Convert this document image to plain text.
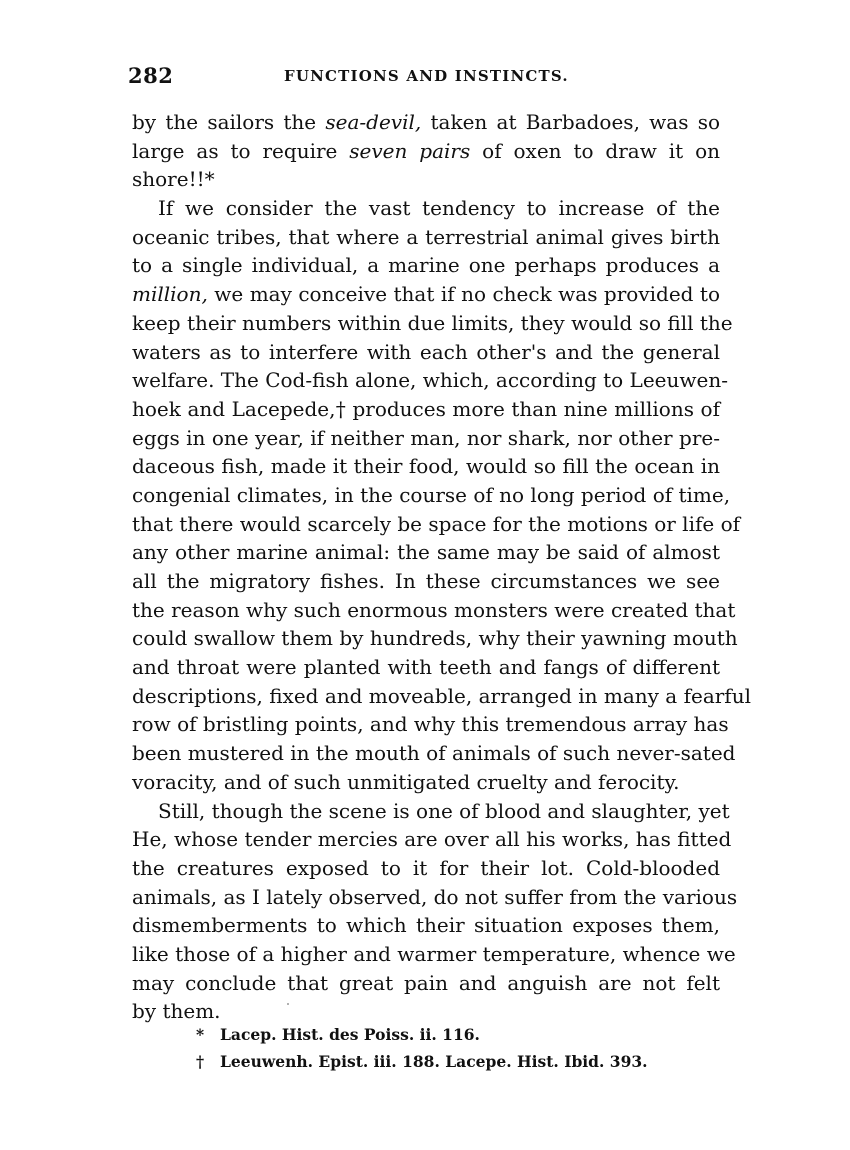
282	FUNCTIONS AND INSTINCTS.
by the sailors the sea-devil, taken at Barbadoes, was so
large as to require seven pairs of oxen to draw it on
shore!!*
If we consider the vast tendency to increase of the
oceanic tribes, that where a terrestrial animal gives birth
to a single individual, a marine one perhaps produces a
million, we may conceive that if no check was provided to
keep their numbers within due limits, they would so fill the
waters as to interfere with each other's and the general
welfare. The Cod-fish alone, which, according to Leeuwen-
hoek and Lacepede,† produces more than nine millions of
eggs in one year, if neither man, nor shark, nor other pre-
daceous fish, made it their food, would so fill the ocean in
congenial climates, in the course of no long period of time,
that there would scarcely be space for the motions or life of
any other marine animal: the same may be said of almost
all the migratory fishes. In these circumstances we see
the reason why such enormous monsters were created that
could swallow them by hundreds, why their yawning mouth
and throat were planted with teeth and fangs of different
descriptions, fixed and moveable, arranged in many a fearful
row of bristling points, and why this tremendous array has
been mustered in the mouth of animals of such never-sated
voracity, and of such unmitigated cruelty and ferocity.
Still, though the scene is one of blood and slaughter, yet
He, whose tender mercies are over all his works, has fitted
the creatures exposed to it for their lot. Cold-blooded
animals, as I lately observed, do not suffer from the various
dismemberments to which their situation exposes them,
like those of a higher and warmer temperature, whence we
may conclude that great pain and anguish are not felt
by them.
* Lacep. Hist. des Poiss. ii. 116.
† Leeuwenh. Epist. iii. 188. Lacepe. Hist. Ibid. 393.
